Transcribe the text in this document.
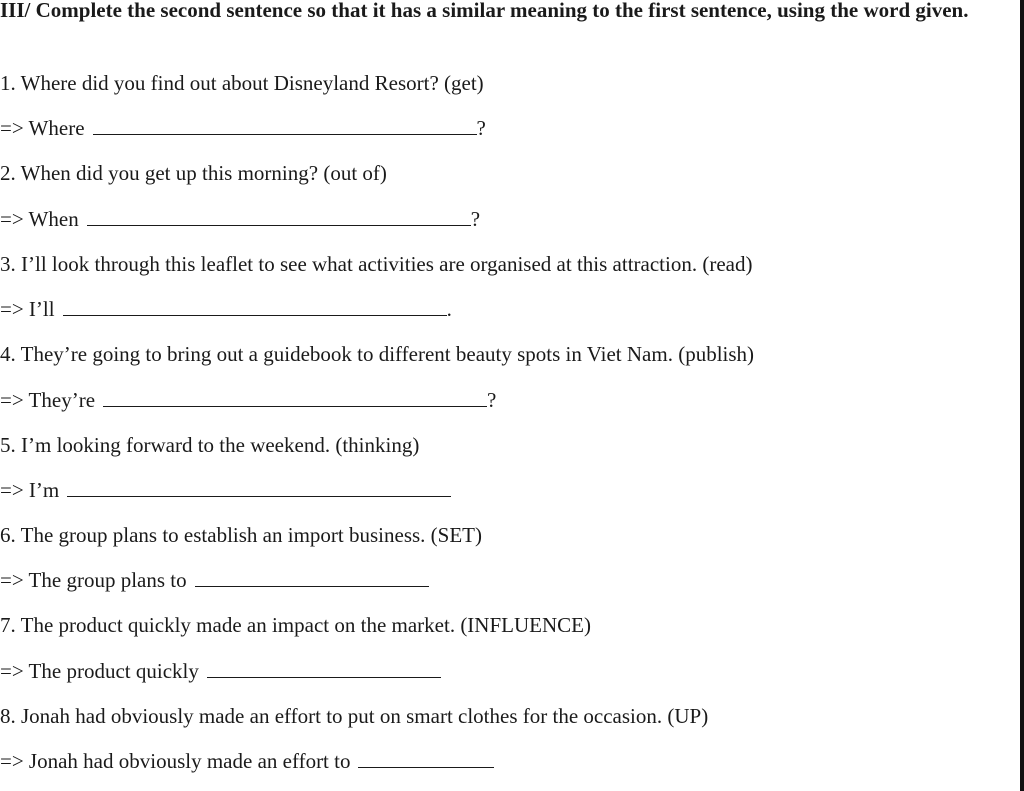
III/ Complete the second sentence so that it has a similar meaning to the first sentence, using the word given.

1. Where did you find out about Disneyland Resort? (get)
=> Where	?
2. When did you get up this morning? (out of)
=> When	?
3. I’ll look through this leaflet to see what activities are organised at this attraction. (read)
=> I’ll	.
4. They’re going to bring out a guidebook to different beauty spots in Viet Nam. (publish)
=> They’re	?
5. I’m looking forward to the weekend. (thinking)
=> I’m
6. The group plans to establish an import business. (SET)
=> The group plans to
7. The product quickly made an impact on the market. (INFLUENCE)
=> The product quickly
8. Jonah had obviously made an effort to put on smart clothes for the occasion. (UP)
=> Jonah had obviously made an effort to
